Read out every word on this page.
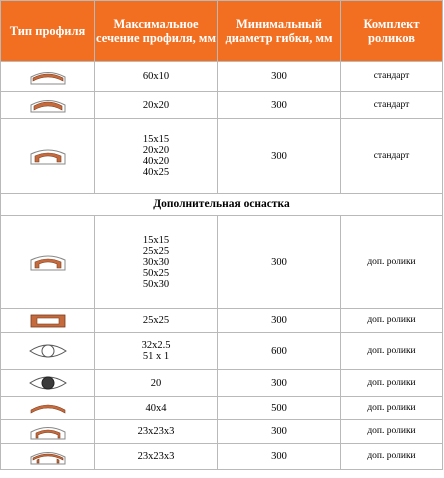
Тип профиля	Максимальное сечение профиля, мм	Минимальный диаметр гибки, мм	Комплект роликов

60x10	300	стандарт

20x20	300	стандарт

15x15
20x20
40x20
40x25	300	стандарт
Дополнительная оснастка			

15x15
25x25
30x30
50x25
50x30	300	доп. ролики

25x25	300	доп. ролики

32x2.5
51 x 1	600	доп. ролики

20	300	доп. ролики

40x4	500	доп. ролики

23x23x3	300	доп. ролики

23x23x3	300	доп. ролики
